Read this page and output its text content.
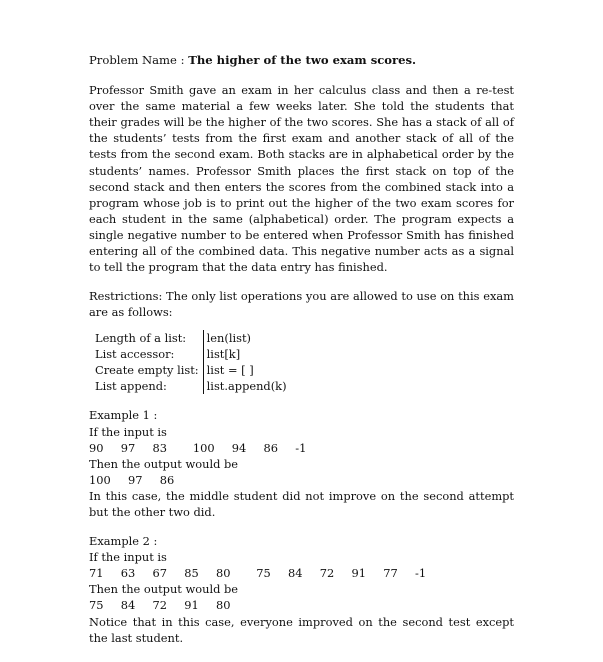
Problem Name : The higher of the two exam scores.
Professor Smith gave an exam in her calculus class and then a re-test over the same material a few weeks later. She told the students that their grades will be the higher of the two scores. She has a stack of all of the students’ tests from the first exam and another stack of all of the tests from the second exam. Both stacks are in alphabetical order by the students’ names. Professor Smith places the first stack on top of the second stack and then enters the scores from the combined stack into a program whose job is to print out the higher of the two exam scores for each student in the same (alphabetical) order. The program expects a single negative number to be entered when Professor Smith has finished entering all of the combined data. This negative number acts as a signal to tell the program that the data entry has finished.
Restrictions: The only list operations you are allowed to use on this exam are as follows:
Length of a list:	len(list)
List accessor:	list[k]
Create empty list:	list = [ ]
List append:	list.append(k)
Example 1 :
If the input is
90  97  83   100  94  86  -1
Then the output would be
100  97  86
In this case, the middle student did not improve on the second attempt but the other two did.
Example 2 :
If the input is
71  63  67  85  80   75  84  72  91  77  -1
Then the output would be
75  84  72  91  80
Notice that in this case, everyone improved on the second test except the last student.
